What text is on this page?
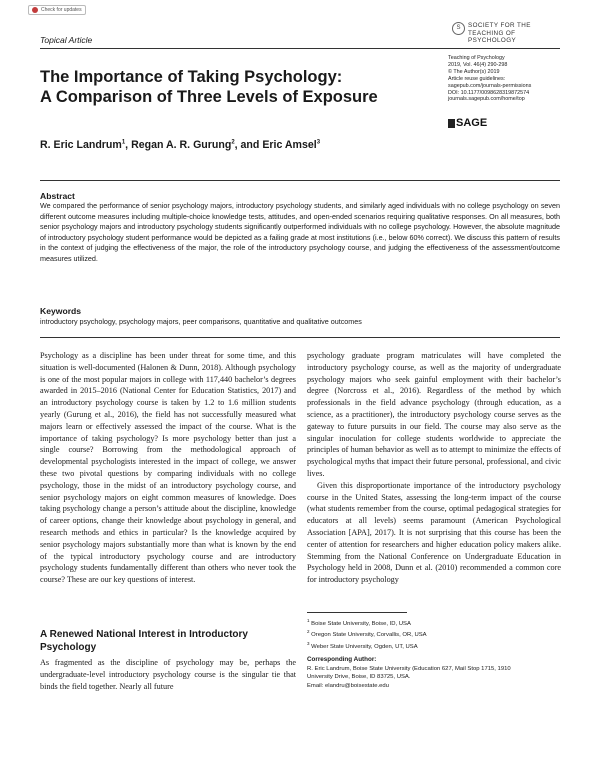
Check for updates
Topical Article
S	SOCIETY FOR THE TEACHING OF PSYCHOLOGY
Teaching of Psychology
2019, Vol. 46(4) 290-298
© The Author(s) 2019
Article reuse guidelines:
sagepub.com/journals-permissions
DOI: 10.1177/0098628319872574
journals.sagepub.com/home/top
SAGE
The Importance of Taking Psychology:
A Comparison of Three Levels of Exposure
R. Eric Landrum$^1$, Regan A. R. Gurung$^2$, and Eric Amsel$^3$
Abstract
We compared the performance of senior psychology majors, introductory psychology students, and similarly aged individuals with no college psychology on seven different outcome measures including multiple-choice knowledge tests, attitudes, and open-ended scenarios requiring qualitative responses. On all measures, both senior psychology majors and introductory psychology students significantly outperformed individuals with no college psychology. However, the absolute magnitude of introductory psychology student performance would be depicted as a failing grade at most institutions (i.e., below 60% correct). We discuss this pattern of results in the context of judging the effectiveness of the major, the role of the introductory psychology course, and judging the effectiveness of the assessment/outcome measures utilized.
Keywords
introductory psychology, psychology majors, peer comparisons, quantitative and qualitative outcomes

Psychology as a discipline has been under threat for some time, and this situation is well-documented (Halonen & Dunn, 2018). Although psychology is one of the most popular majors in college with 117,440 bachelor’s degrees awarded in 2015–2016 (National Center for Education Statistics, 2017) and an introductory psychology course is taken by 1.2 to 1.6 million students yearly (Gurung et al., 2016), the field has not successfully measured what majors learn or effectively assessed the impact of the course. What is the importance of taking psychology? Is more psychology better than just a single course? Borrowing from the methodological approach of developmental psychologists interested in the impact of college, we answer these two pivotal questions by comparing individuals with no college psychology, those in the midst of an introductory psychology course, and senior psychology majors on eight common measures of knowledge. Does taking psychology change a person’s attitude about the discipline, knowledge of career options, change their knowledge about psychology in general, and research methods and ethics in particular? Is the knowledge acquired by senior psychology majors substantially more than what is known by the end of the typical introductory psychology course and are introductory psychology students fundamentally different than others who never took the course? These are our key questions of interest.

A Renewed National Interest in Introductory Psychology

As fragmented as the discipline of psychology may be, perhaps the undergraduate-level introductory psychology course is the singular tie that binds the field together. Nearly all future

psychology graduate program matriculates will have completed the introductory psychology course, as well as the majority of undergraduate psychology majors who seek gainful employment with their bachelor’s degree (Norcross et al., 2016). Regardless of the method by which professionals in the field advance psychology (through education, as a science, as a practitioner), the introductory psychology course serves as the gateway to future pursuits in our field. The course may also serve as the singular inoculation for college students worldwide to appreciate the principles of human behavior as well as to attempt to minimize the effects of psychological myths that impact their future personal, professional, and civic lives.

Given this disproportionate importance of the introductory psychology course in the United States, assessing the long-term impact of the course (what students remember from the course, optimal pedagogical strategies for educators at all levels) seems paramount (American Psychological Association [APA], 2017). It is not surprising that this course has been the center of attention for researchers and higher education policy makers alike. Stemming from the National Conference on Undergraduate Education in Psychology held in 2008, Dunn et al. (2010) recommended a common core for introductory psychology

$^1$ Boise State University, Boise, ID, USA
$^2$ Oregon State University, Corvallis, OR, USA
$^3$ Weber State University, Ogden, UT, USA
Corresponding Author:
R. Eric Landrum, Boise State University (Education 627, Mail Stop 1715, 1910
University Drive, Boise, ID 83725, USA.
Email: elandru@boisestate.edu
